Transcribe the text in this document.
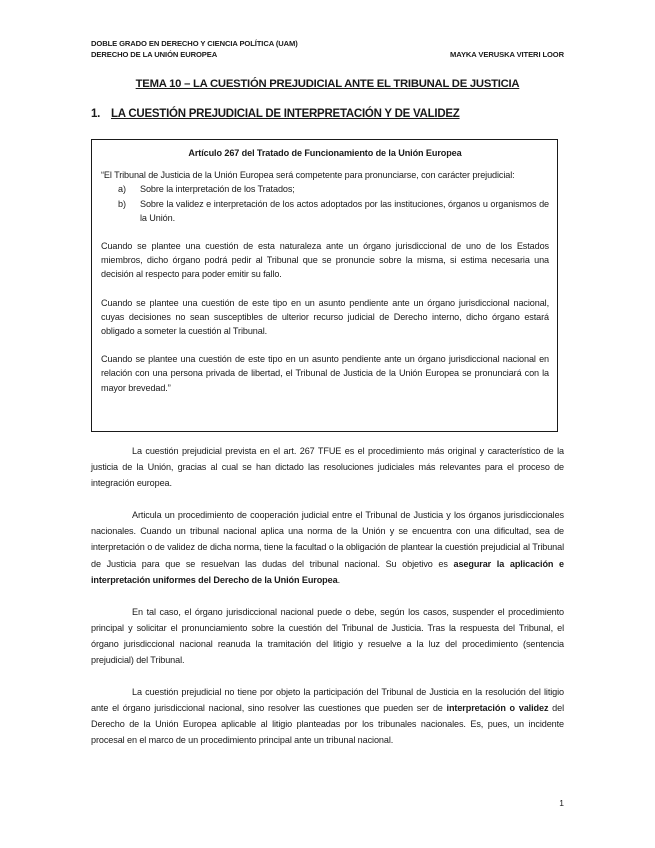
DOBLE GRADO EN DERECHO Y CIENCIA POLÍTICA (UAM)
DERECHO DE LA UNIÓN EUROPEA	MAYKA VERUSKA VITERI LOOR
TEMA 10 – LA CUESTIÓN PREJUDICIAL ANTE EL TRIBUNAL DE JUSTICIA
1. LA CUESTIÓN PREJUDICIAL DE INTERPRETACIÓN Y DE VALIDEZ
Artículo 267 del Tratado de Funcionamiento de la Unión Europea

“El Tribunal de Justicia de la Unión Europea será competente para pronunciarse, con carácter prejudicial:

a)	Sobre la interpretación de los Tratados;
b)	Sobre la validez e interpretación de los actos adoptados por las instituciones, órganos u organismos de la Unión.

Cuando se plantee una cuestión de esta naturaleza ante un órgano jurisdiccional de uno de los Estados miembros, dicho órgano podrá pedir al Tribunal que se pronuncie sobre la misma, si estima necesaria una decisión al respecto para poder emitir su fallo.

Cuando se plantee una cuestión de este tipo en un asunto pendiente ante un órgano jurisdiccional nacional, cuyas decisiones no sean susceptibles de ulterior recurso judicial de Derecho interno, dicho órgano estará obligado a someter la cuestión al Tribunal.

Cuando se plantee una cuestión de este tipo en un asunto pendiente ante un órgano jurisdiccional nacional en relación con una persona privada de libertad, el Tribunal de Justicia de la Unión Europea se pronunciará con la mayor brevedad.”

La cuestión prejudicial prevista en el art. 267 TFUE es el procedimiento más original y característico de la justicia de la Unión, gracias al cual se han dictado las resoluciones judiciales más relevantes para el proceso de integración europea.

Articula un procedimiento de cooperación judicial entre el Tribunal de Justicia y los órganos jurisdiccionales nacionales. Cuando un tribunal nacional aplica una norma de la Unión y se encuentra con una dificultad, sea de interpretación o de validez de dicha norma, tiene la facultad o la obligación de plantear la cuestión prejudicial al Tribunal de Justicia para que se resuelvan las dudas del tribunal nacional. Su objetivo es asegurar la aplicación e interpretación uniformes del Derecho de la Unión Europea.

En tal caso, el órgano jurisdiccional nacional puede o debe, según los casos, suspender el procedimiento principal y solicitar el pronunciamiento sobre la cuestión del Tribunal de Justicia. Tras la respuesta del Tribunal, el órgano jurisdiccional nacional reanuda la tramitación del litigio y resuelve a la luz del procedimiento (sentencia prejudicial) del Tribunal.

La cuestión prejudicial no tiene por objeto la participación del Tribunal de Justicia en la resolución del litigio ante el órgano jurisdiccional nacional, sino resolver las cuestiones que pueden ser de interpretación o validez del Derecho de la Unión Europea aplicable al litigio planteadas por los tribunales nacionales. Es, pues, un incidente procesal en el marco de un procedimiento principal ante un tribunal nacional.

1
